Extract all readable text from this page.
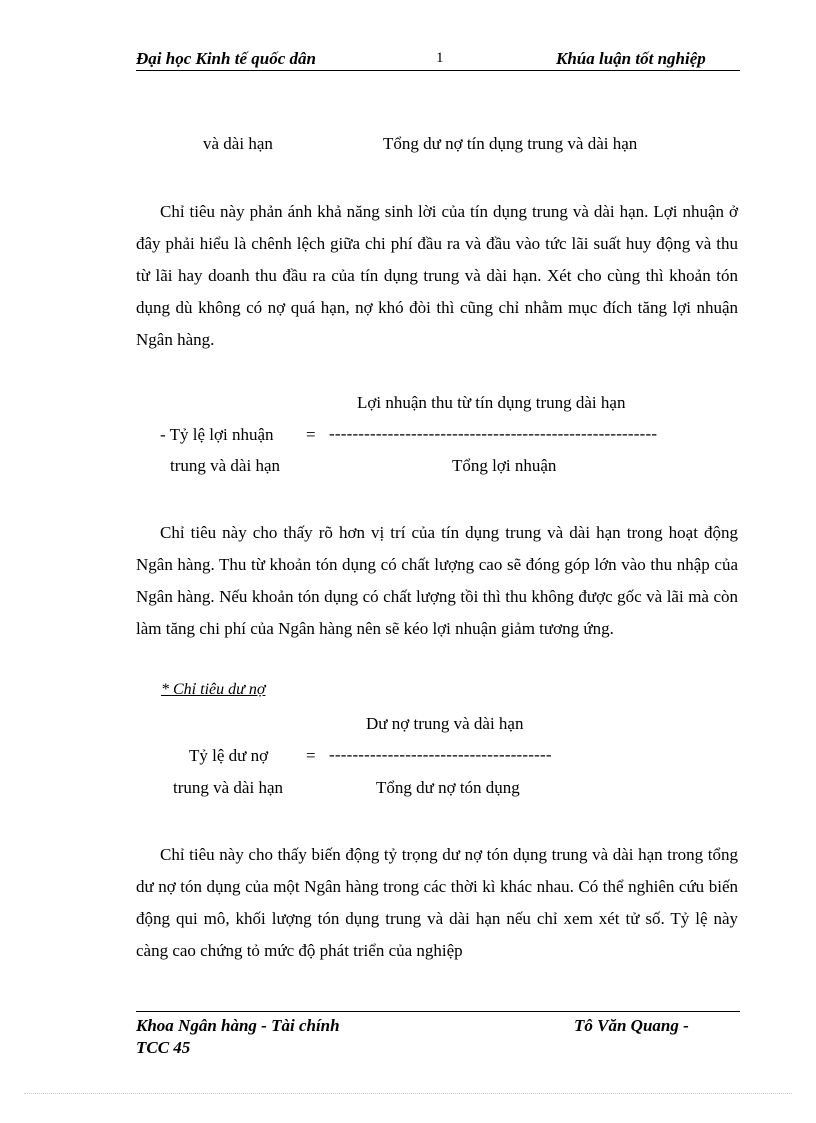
Đại học Kinh tế quốc dân	1	Khúa luận tốt nghiệp
và dài hạn	Tổng dư nợ tín dụng trung và dài hạn
Chỉ tiêu này phản ánh khả năng sinh lời của tín dụng trung và dài hạn. Lợi nhuận ở đây phải hiểu là chênh lệch giữa chi phí đầu ra và đầu vào tức lãi suất huy động và thu từ lãi hay doanh thu đầu ra của tín dụng trung và dài hạn. Xét cho cùng thì khoản tón dụng dù không có nợ quá hạn, nợ khó đòi thì cũng chỉ nhằm mục đích tăng lợi nhuận Ngân hàng.
Lợi nhuận thu từ tín dụng trung dài hạn
- Tỷ lệ lợi nhuận = --------------------------------------------------------
trung và dài hạn	Tổng lợi nhuận
Chỉ tiêu này cho thấy rõ hơn vị trí của tín dụng trung và dài hạn trong hoạt động Ngân hàng. Thu từ khoản tón dụng có chất lượng cao sẽ đóng góp lớn vào thu nhập của Ngân hàng. Nếu khoản tón dụng có chất lượng tồi thì thu không được gốc và lãi mà còn làm tăng chi phí của Ngân hàng nên sẽ kéo lợi nhuận giảm tương ứng.
* Chỉ tiêu dư nợ
Dư nợ trung và dài hạn
Tỷ lệ dư nợ = --------------------------------------
trung và dài hạn	Tổng dư nợ tón dụng
Chỉ tiêu này cho thấy biến động tỷ trọng dư nợ tón dụng trung và dài hạn trong tổng dư nợ tón dụng của một Ngân hàng trong các thời kì khác nhau. Có thể nghiên cứu biến động qui mô, khối lượng tón dụng trung và dài hạn nếu chỉ xem xét tử số. Tỷ lệ này càng cao chứng tỏ mức độ phát triển của nghiệp
Khoa Ngân hàng - Tài chính	Tô Văn Quang -
TCC 45
